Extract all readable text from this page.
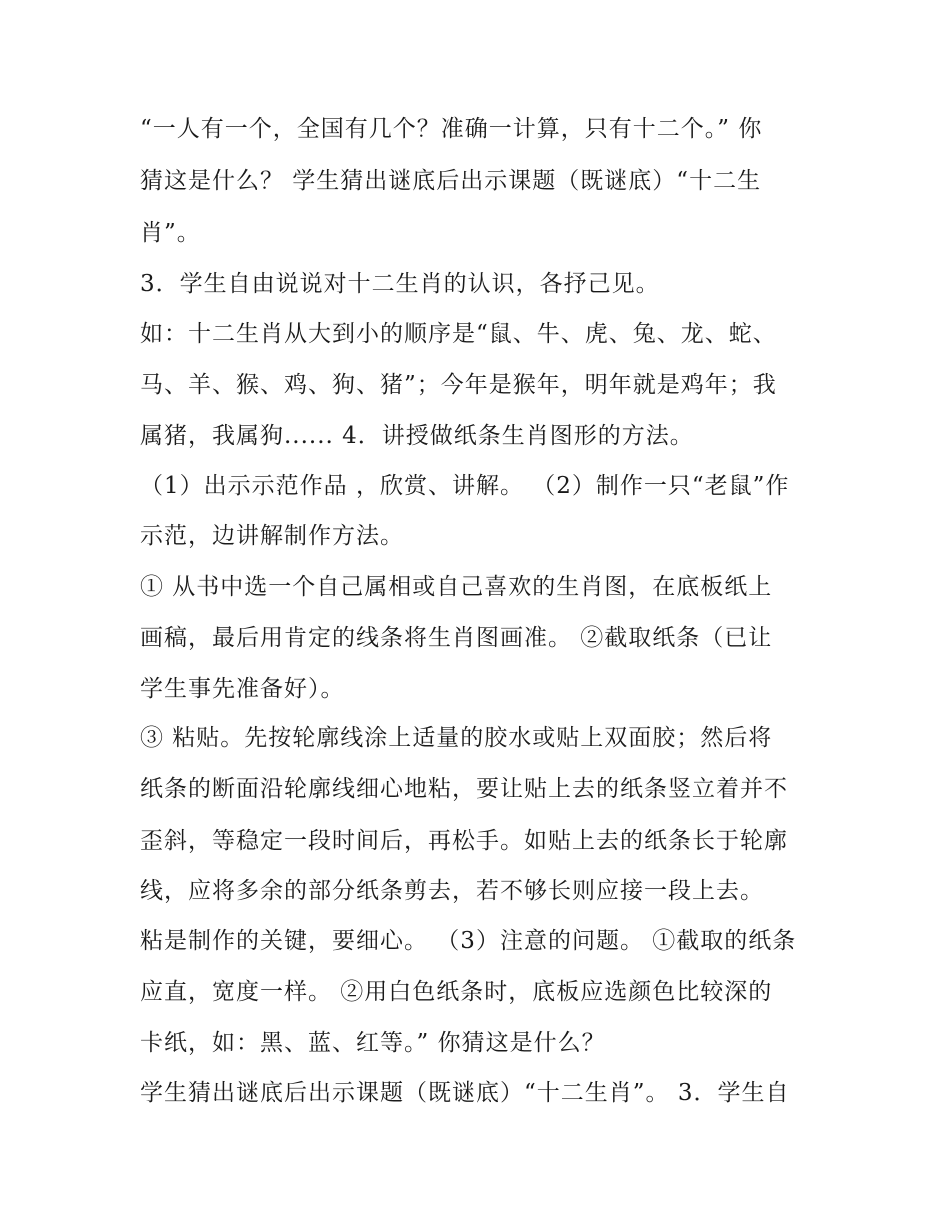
“一人有一个，全国有几个？准确一计算，只有十二个。” 你
猜这是什么？ 学生猜出谜底后出示课题（既谜底）“十二生
肖”。
3．学生自由说说对十二生肖的认识，各抒己见。
如：十二生肖从大到小的顺序是“鼠、牛、虎、兔、龙、蛇、
马、羊、猴、鸡、狗、猪”；今年是猴年，明年就是鸡年；我
属猪，我属狗...... 4．讲授做纸条生肖图形的方法。
（1）出示示范作品 ，欣赏、讲解。 （2）制作一只“老鼠”作
示范，边讲解制作方法。
① 从书中选一个自己属相或自己喜欢的生肖图，在底板纸上
画稿，最后用肯定的线条将生肖图画准。 ②截取纸条（已让
学生事先准备好）。
③ 粘贴。先按轮廓线涂上适量的胶水或贴上双面胶；然后将
纸条的断面沿轮廓线细心地粘，要让贴上去的纸条竖立着并不
歪斜，等稳定一段时间后，再松手。如贴上去的纸条长于轮廓
线，应将多余的部分纸条剪去，若不够长则应接一段上去。
粘是制作的关键，要细心。 （3）注意的问题。 ①截取的纸条
应直，宽度一样。 ②用白色纸条时，底板应选颜色比较深的
卡纸，如：黑、蓝、红等。” 你猜这是什么？
学生猜出谜底后出示课题（既谜底）“十二生肖”。 3．学生自
